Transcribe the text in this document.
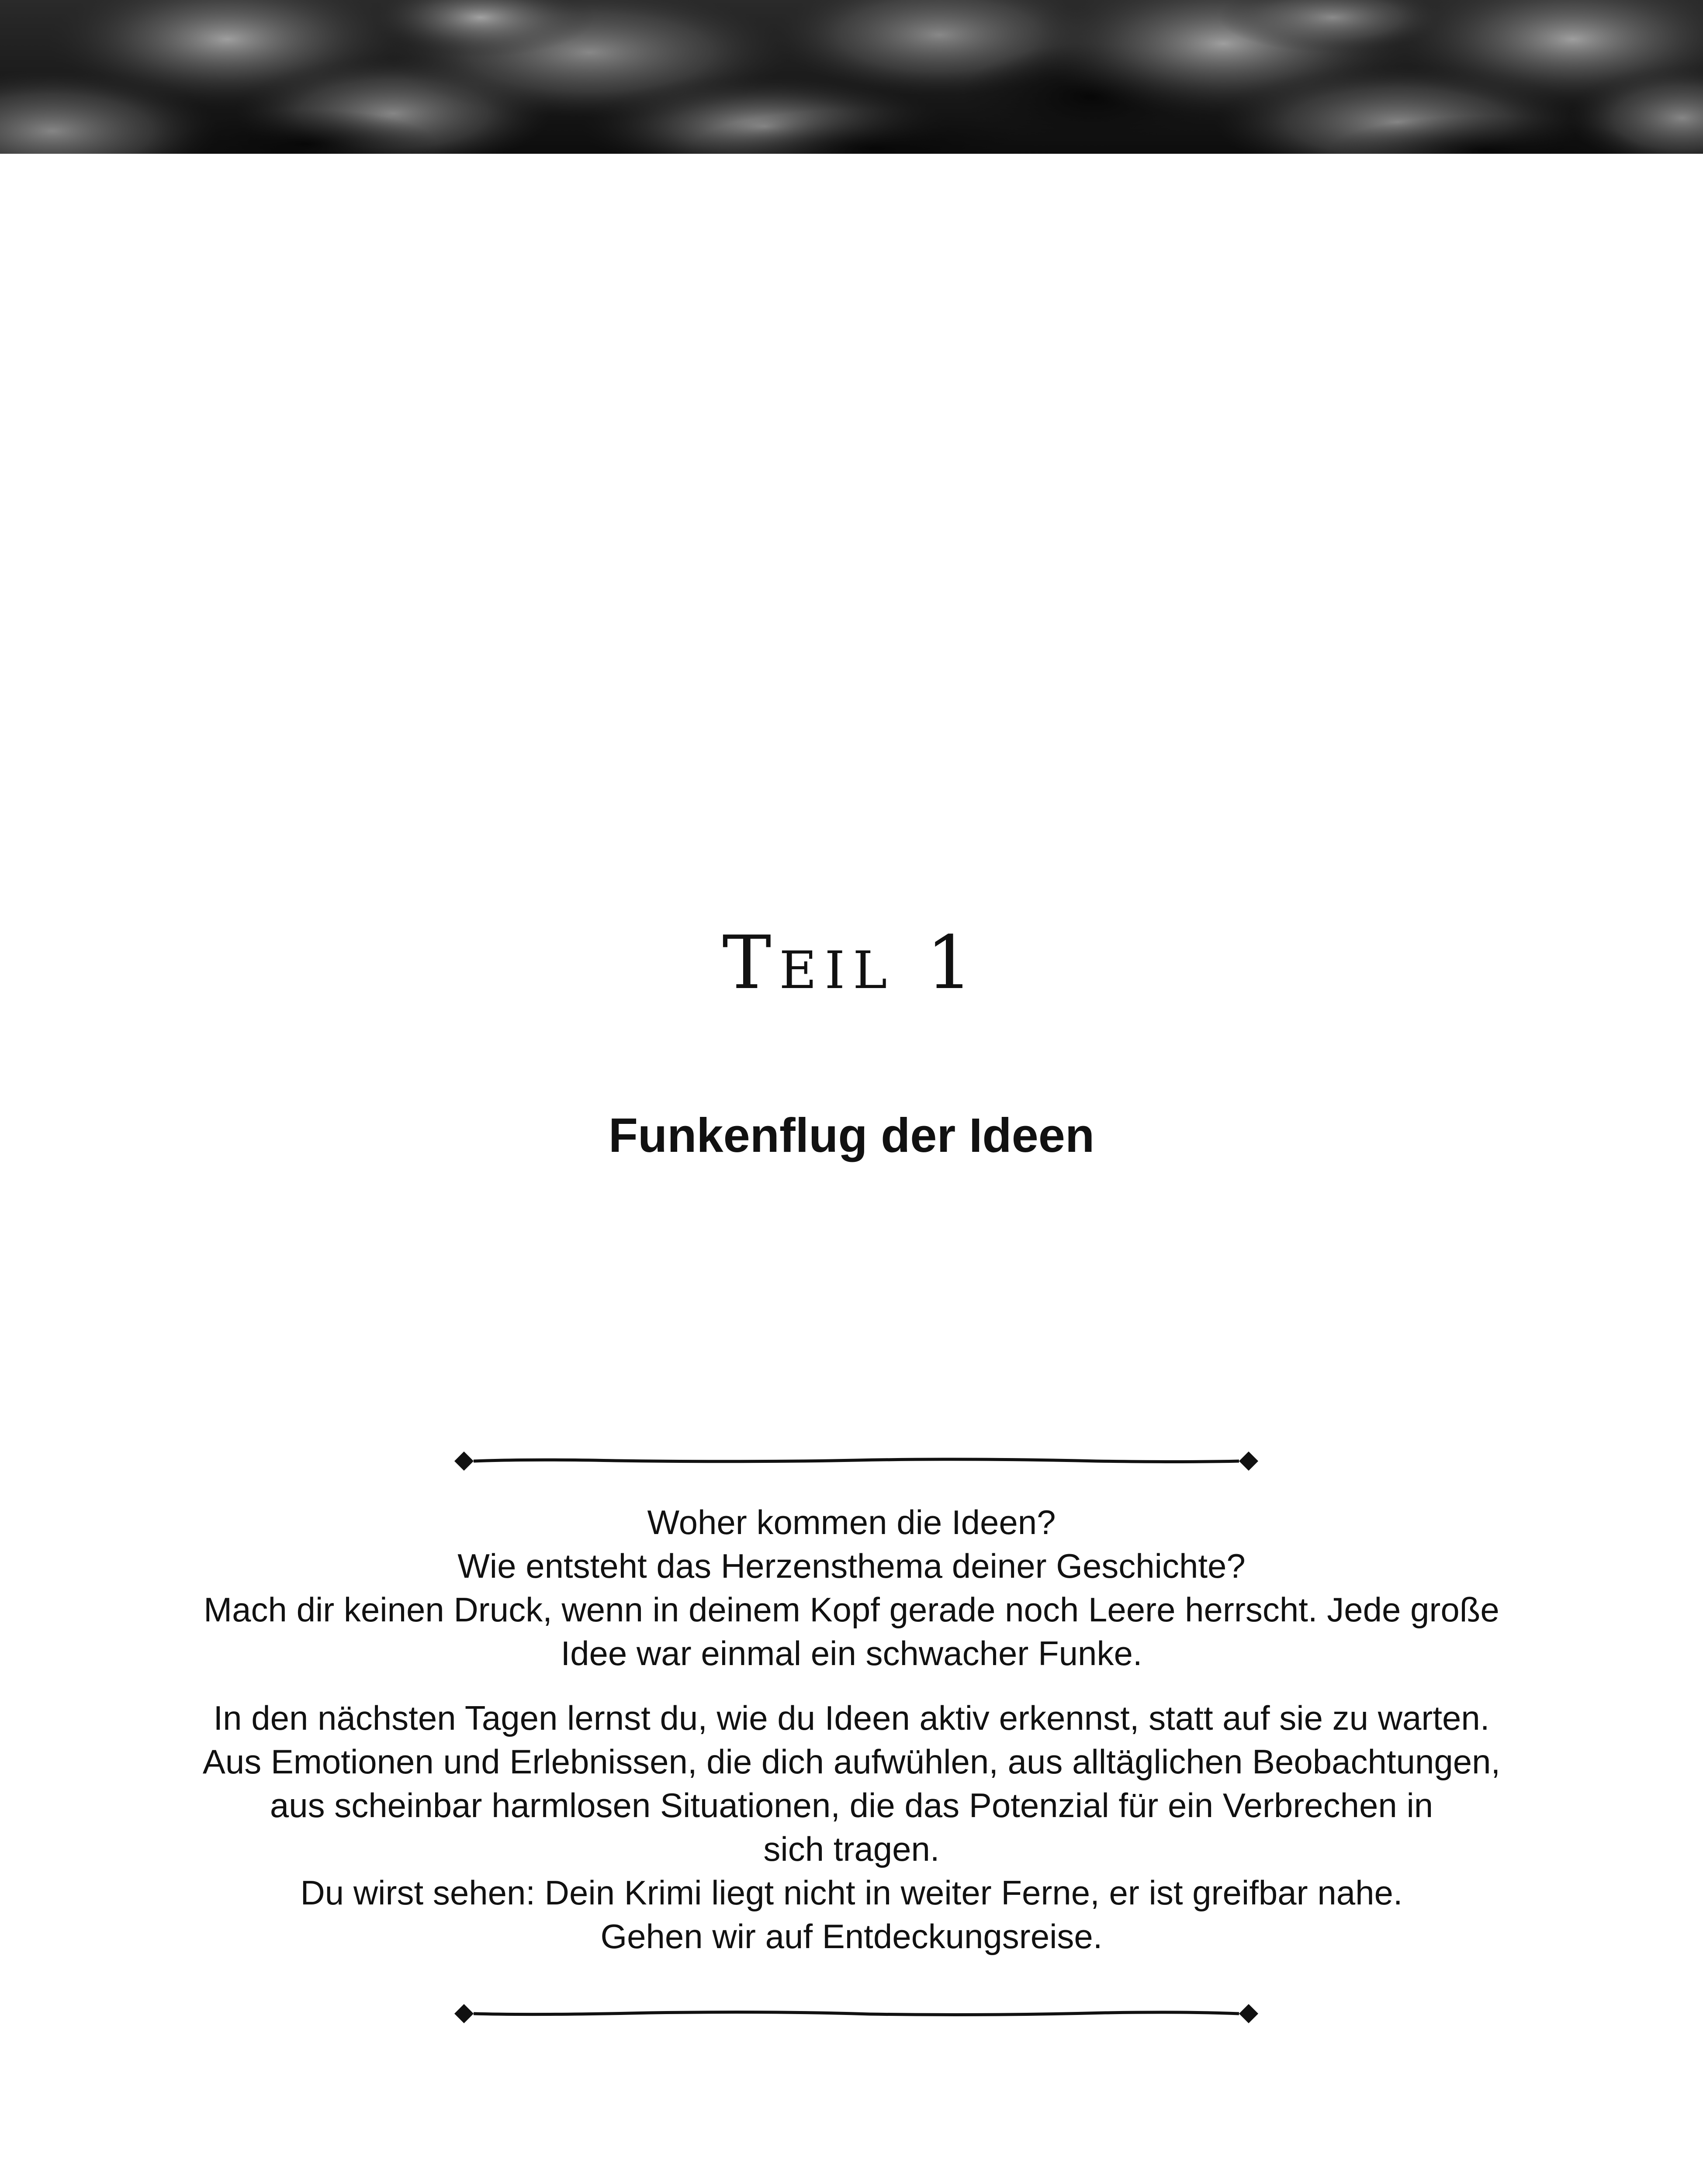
Teil 1
Funkenflug der Ideen

Woher kommen die Ideen?
Wie entsteht das Herzensthema deiner Geschichte?
Mach dir keinen Druck, wenn in deinem Kopf gerade noch Leere herrscht. Jede große
Idee war einmal ein schwacher Funke.

In den nächsten Tagen lernst du, wie du Ideen aktiv erkennst, statt auf sie zu warten.
Aus Emotionen und Erlebnissen, die dich aufwühlen, aus alltäglichen Beobachtungen,
aus scheinbar harmlosen Situationen, die das Potenzial für ein Verbrechen in
sich tragen.
Du wirst sehen: Dein Krimi liegt nicht in weiter Ferne, er ist greifbar nahe.
Gehen wir auf Entdeckungsreise.
